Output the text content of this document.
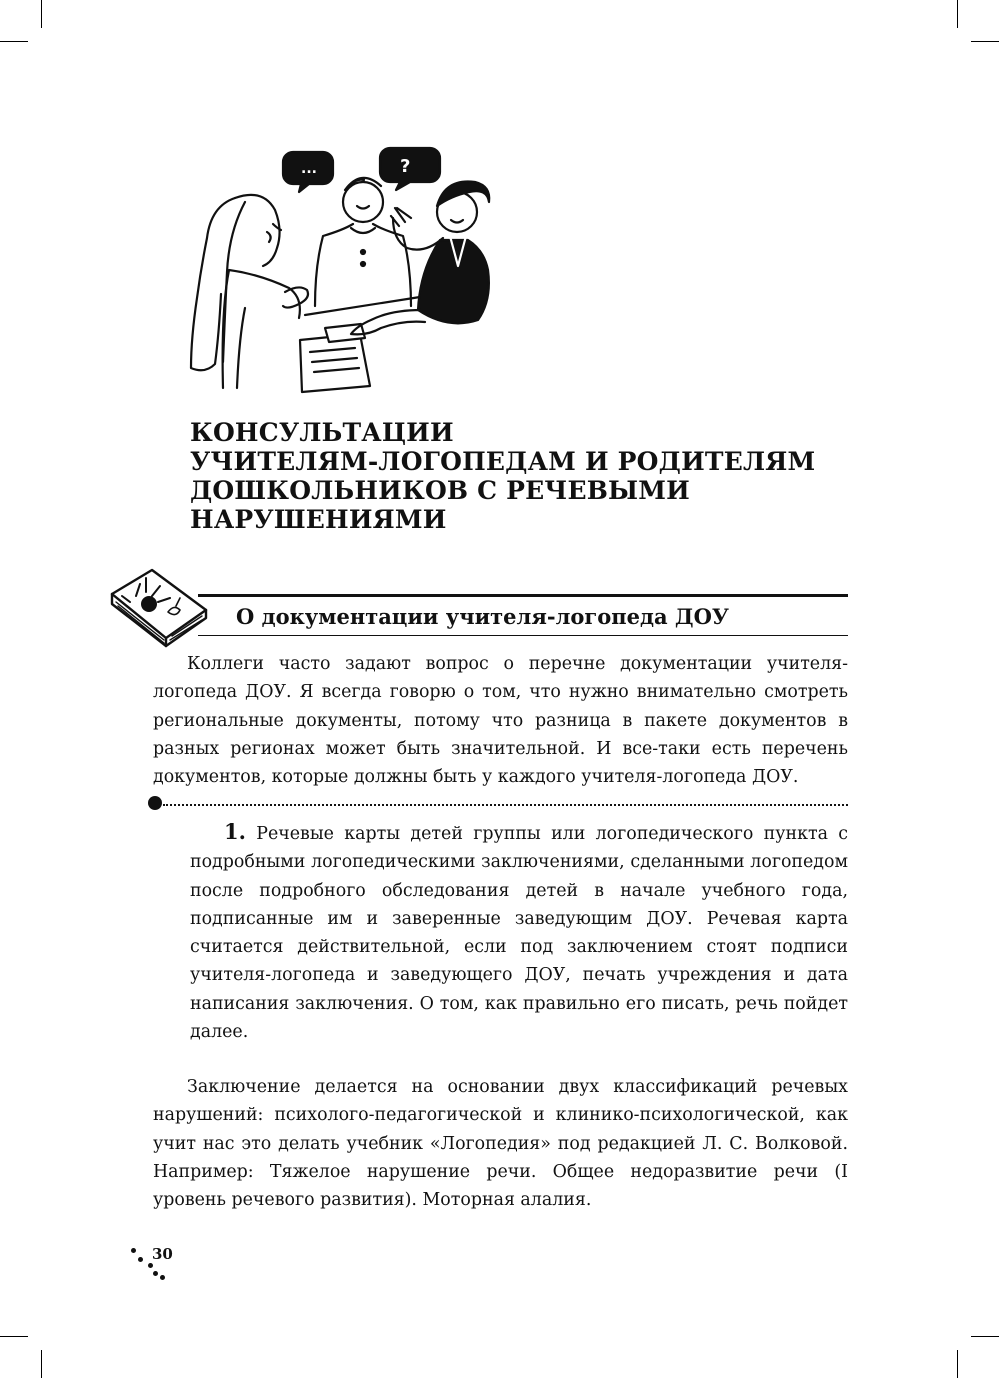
...	?
КОНСУЛЬТАЦИИ
УЧИТЕЛЯМ-ЛОГОПЕДАМ И РОДИТЕЛЯМ
ДОШКОЛЬНИКОВ С РЕЧЕВЫМИ
НАРУШЕНИЯМИ
О документации учителя-логопеда ДОУ

Коллеги часто задают вопрос о перечне документации учителя-логопеда ДОУ. Я всегда говорю о том, что нужно внимательно смотреть региональные документы, потому что разница в пакете документов в разных регионах может быть значительной. И все-таки есть перечень документов, которые должны быть у каждого учителя-логопеда ДОУ.

1. Речевые карты детей группы или логопедического пункта с подробными логопедическими заключениями, сделанными логопедом после подробного обследования детей в начале учебного года, подписанные им и заверенные заведующим ДОУ. Речевая карта считается действительной, если под заключением стоят подписи учителя-логопеда и заведующего ДОУ, печать учреждения и дата написания заключения. О том, как правильно его писать, речь пойдет далее.

Заключение делается на основании двух классификаций речевых нарушений: психолого-педагогической и клинико-психологической, как учит нас это делать учебник «Логопедия» под редакцией Л. С. Волковой. Например: Тяжелое нарушение речи. Общее недоразвитие речи (I уровень речевого развития). Моторная алалия.

30
